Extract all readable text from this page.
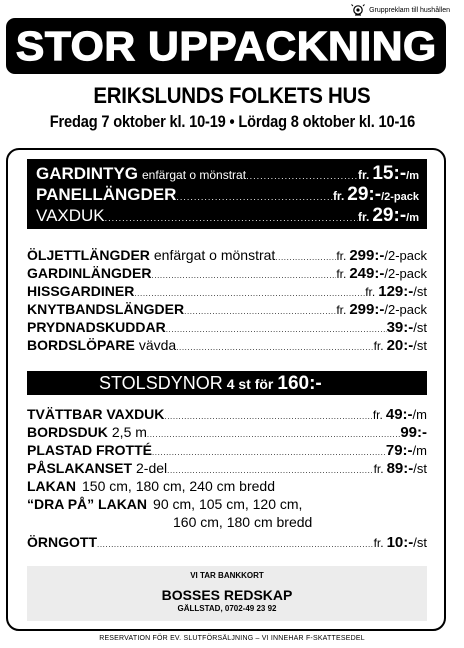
Gruppreklam till hushållen
STOR UPPACKNING
ERIKSLUNDS FOLKETS HUS
Fredag 7 oktober kl. 10-19 • Lördag 8 oktober kl. 10-16
GARDINTYG enfärgat o mönstrat .....	fr. 15:- /m
PANELLÄNGDER .....	fr. 29:- /2-pack
VAXDUK .....	fr. 29:- /m
ÖLJETTLÄNGDER enfärgat o mönstrat .....	fr. 299:- /2-pack
GARDINLÄNGDER .....	fr. 249:- /2-pack
HISSGARDINER .....	fr. 129:- /st
KNYTBANDSLÄNGDER .....	fr. 299:- /2-pack
PRYDNADSKUDDAR .....	39:- /st
BORDSLÖPARE vävda .....	fr. 20:- /st
STOLSDYNOR 4 st för 160:-
TVÄTTBAR VAXDUK .....	fr. 49:- /m
BORDSDUK 2,5 m .....	99:-
PLASTAD FROTTÉ .....	79:- /m
PÅSLAKANSET 2-del .....	fr. 89:- /st
LAKAN 150 cm, 180 cm, 240 cm bredd
“DRA PÅ” LAKAN 90 cm, 105 cm, 120 cm,
160 cm, 180 cm bredd
ÖRNGOTT .....	fr. 10:- /st
VI TAR BANKKORT
BOSSES REDSKAP
GÄLLSTAD, 0702-49 23 92
RESERVATION FÖR EV. SLUTFÖRSÄLJNING – VI INNEHAR F-SKATTESEDEL
